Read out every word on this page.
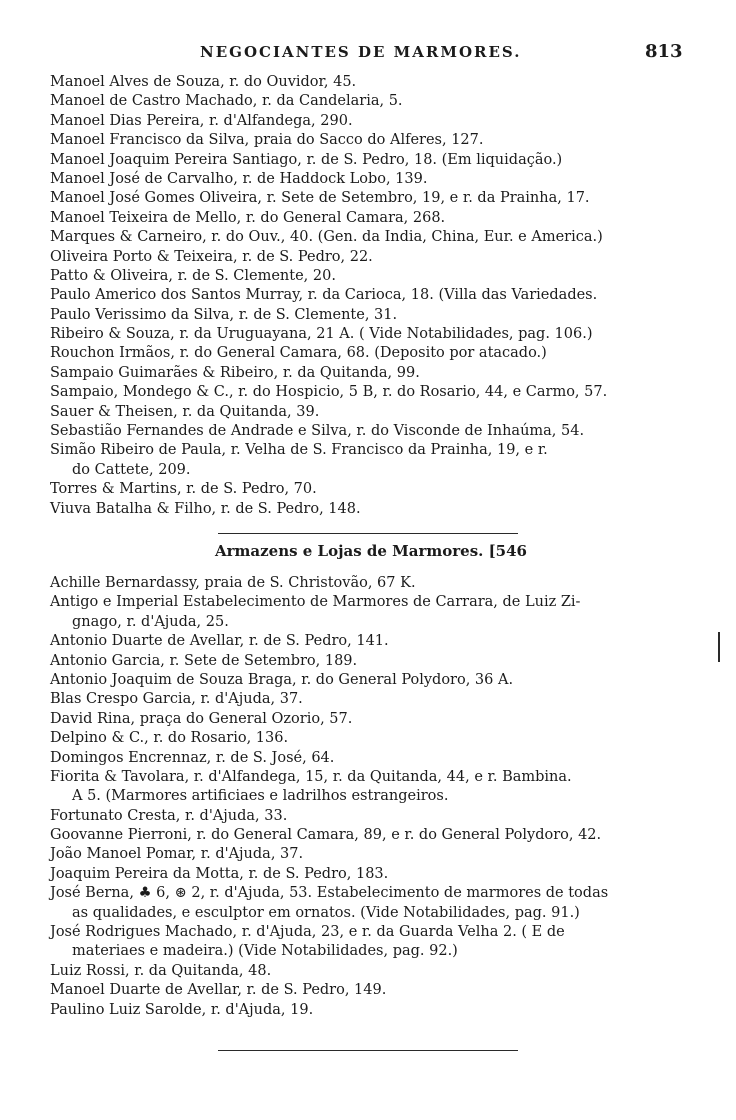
NEGOCIANTES DE MARMORES.	813
Manoel Alves de Souza, r. do Ouvidor, 45.
Manoel de Castro Machado, r. da Candelaria, 5.
Manoel Dias Pereira, r. d'Alfandega, 290.
Manoel Francisco da Silva, praia do Sacco do Alferes, 127.
Manoel Joaquim Pereira Santiago, r. de S. Pedro, 18. (Em liquidação.)
Manoel José de Carvalho, r. de Haddock Lobo, 139.
Manoel José Gomes Oliveira, r. Sete de Setembro, 19, e r. da Prainha, 17.
Manoel Teixeira de Mello, r. do General Camara, 268.
Marques & Carneiro, r. do Ouv., 40. (Gen. da India, China, Eur. e America.)
Oliveira Porto & Teixeira, r. de S. Pedro, 22.
Patto & Oliveira, r. de S. Clemente, 20.
Paulo Americo dos Santos Murray, r. da Carioca, 18. (Villa das Variedades.
Paulo Verissimo da Silva, r. de S. Clemente, 31.
Ribeiro & Souza, r. da Uruguayana, 21 A. ( Vide Notabilidades, pag. 106.)
Rouchon Irmãos, r. do General Camara, 68. (Deposito por atacado.)
Sampaio Guimarães & Ribeiro, r. da Quitanda, 99.
Sampaio, Mondego & C., r. do Hospicio, 5 B, r. do Rosario, 44, e Carmo, 57.
Sauer & Theisen, r. da Quitanda, 39.
Sebastião Fernandes de Andrade e Silva, r. do Visconde de Inhaúma, 54.
Simão Ribeiro de Paula, r. Velha de S. Francisco da Prainha, 19, e r.
do Cattete, 209.
Torres & Martins, r. de S. Pedro, 70.
Viuva Batalha & Filho, r. de S. Pedro, 148.
Armazens e Lojas de Marmores. [546
Achille Bernardassy, praia de S. Christovão, 67 K.
Antigo e Imperial Estabelecimento de Marmores de Carrara, de Luiz Zi-
gnago, r. d'Ajuda, 25.
Antonio Duarte de Avellar, r. de S. Pedro, 141.
Antonio Garcia, r. Sete de Setembro, 189.
Antonio Joaquim de Souza Braga, r. do General Polydoro, 36 A.
Blas Crespo Garcia, r. d'Ajuda, 37.
David Rina, praça do General Ozorio, 57.
Delpino & C., r. do Rosario, 136.
Domingos Encrennaz, r. de S. José, 64.
Fiorita & Tavolara, r. d'Alfandega, 15, r. da Quitanda, 44, e r. Bambina.
A 5. (Marmores artificiaes e ladrilhos estrangeiros.
Fortunato Cresta, r. d'Ajuda, 33.
Goovanne Pierroni, r. do General Camara, 89, e r. do General Polydoro, 42.
João Manoel Pomar, r. d'Ajuda, 37.
Joaquim Pereira da Motta, r. de S. Pedro, 183.
José Berna, ♣ 6, ⊛ 2, r. d'Ajuda, 53. Estabelecimento de marmores de todas
as qualidades, e esculptor em ornatos. (Vide Notabilidades, pag. 91.)
José Rodrigues Machado, r. d'Ajuda, 23, e r. da Guarda Velha 2. ( E de
materiaes e madeira.) (Vide Notabilidades, pag. 92.)
Luiz Rossi, r. da Quitanda, 48.
Manoel Duarte de Avellar, r. de S. Pedro, 149.
Paulino Luiz Sarolde, r. d'Ajuda, 19.
